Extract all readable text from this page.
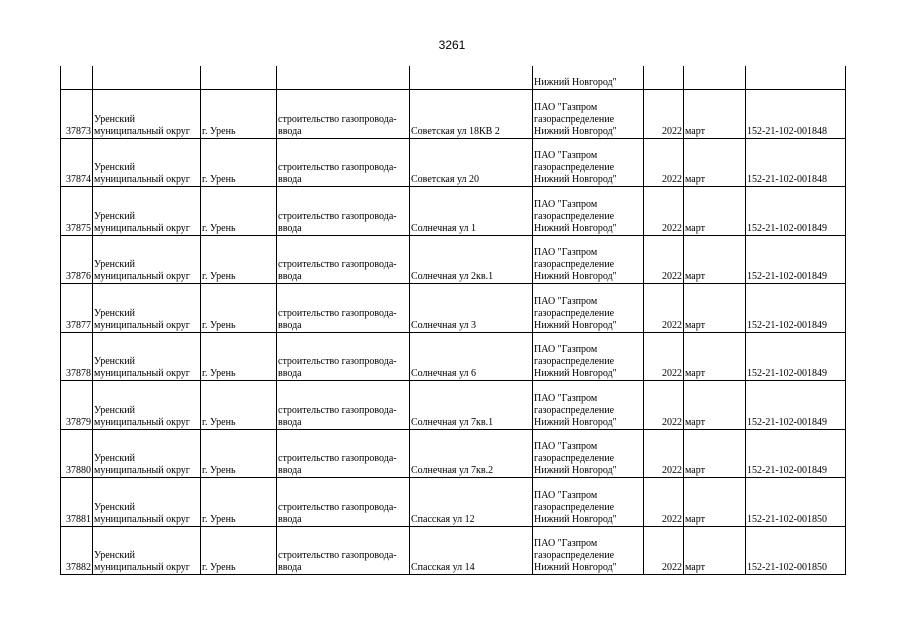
3261
					Нижний Новгород"			
37873	Уренский
муниципальный округ	г. Урень	строительство газопровода-
ввода	Советская ул 18КВ 2	ПАО "Газпром
газораспределение
Нижний Новгород"	2022	март	152-21-102-001848
37874	Уренский
муниципальный округ	г. Урень	строительство газопровода-
ввода	Советская ул 20	ПАО "Газпром
газораспределение
Нижний Новгород"	2022	март	152-21-102-001848
37875	Уренский
муниципальный округ	г. Урень	строительство газопровода-
ввода	Солнечная ул 1	ПАО "Газпром
газораспределение
Нижний Новгород"	2022	март	152-21-102-001849
37876	Уренский
муниципальный округ	г. Урень	строительство газопровода-
ввода	Солнечная ул 2кв.1	ПАО "Газпром
газораспределение
Нижний Новгород"	2022	март	152-21-102-001849
37877	Уренский
муниципальный округ	г. Урень	строительство газопровода-
ввода	Солнечная ул 3	ПАО "Газпром
газораспределение
Нижний Новгород"	2022	март	152-21-102-001849
37878	Уренский
муниципальный округ	г. Урень	строительство газопровода-
ввода	Солнечная ул 6	ПАО "Газпром
газораспределение
Нижний Новгород"	2022	март	152-21-102-001849
37879	Уренский
муниципальный округ	г. Урень	строительство газопровода-
ввода	Солнечная ул 7кв.1	ПАО "Газпром
газораспределение
Нижний Новгород"	2022	март	152-21-102-001849
37880	Уренский
муниципальный округ	г. Урень	строительство газопровода-
ввода	Солнечная ул 7кв.2	ПАО "Газпром
газораспределение
Нижний Новгород"	2022	март	152-21-102-001849
37881	Уренский
муниципальный округ	г. Урень	строительство газопровода-
ввода	Спасская ул 12	ПАО "Газпром
газораспределение
Нижний Новгород"	2022	март	152-21-102-001850
37882	Уренский
муниципальный округ	г. Урень	строительство газопровода-
ввода	Спасская ул 14	ПАО "Газпром
газораспределение
Нижний Новгород"	2022	март	152-21-102-001850
